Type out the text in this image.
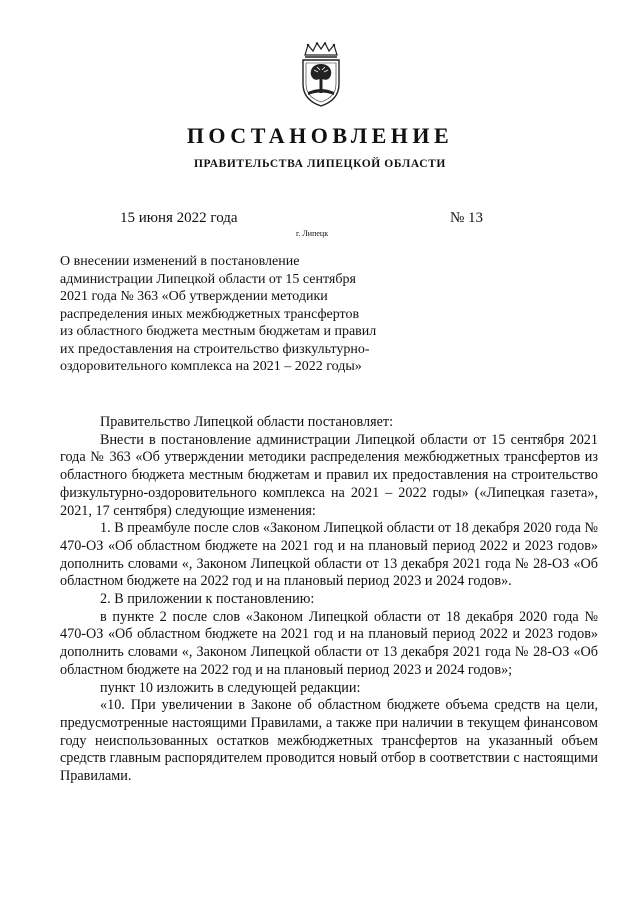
ПОСТАНОВЛЕНИЕ
ПРАВИТЕЛЬСТВА ЛИПЕЦКОЙ ОБЛАСТИ
15 июня 2022 года
г. Липецк
№ 13
О внесении изменений в постановление
администрации Липецкой области от 15 сентября
2021 года № 363 «Об утверждении методики
распределения иных межбюджетных трансфертов
из областного бюджета местным бюджетам и правил
их предоставления на строительство физкультурно-
оздоровительного комплекса на 2021 – 2022 годы»

Правительство Липецкой области постановляет:

Внести в постановление администрации Липецкой области от 15 сентября 2021 года № 363 «Об утверждении методики распределения межбюджетных трансфертов из областного бюджета местным бюджетам и правил их предоставления на строительство физкультурно-оздоровительного комплекса на 2021 – 2022 годы» («Липецкая газета», 2021, 17 сентября) следующие изменения:

1. В преамбуле после слов «Законом Липецкой области от 18 декабря 2020 года № 470-ОЗ «Об областном бюджете на 2021 год и на плановый период 2022 и 2023 годов» дополнить словами «, Законом Липецкой области от 13 декабря 2021 года № 28-ОЗ «Об областном бюджете на 2022 год и на плановый период 2023 и 2024 годов».

2. В приложении к постановлению:

в пункте 2 после слов «Законом Липецкой области от 18 декабря 2020 года № 470-ОЗ «Об областном бюджете на 2021 год и на плановый период 2022 и 2023 годов» дополнить словами «, Законом Липецкой области от 13 декабря 2021 года № 28-ОЗ «Об областном бюджете на 2022 год и на плановый период 2023 и 2024 годов»;

пункт 10 изложить в следующей редакции:

«10. При увеличении в Законе об областном бюджете объема средств на цели, предусмотренные настоящими Правилами, а также при наличии в текущем финансовом году неиспользованных остатков межбюджетных трансфертов на указанный объем средств главным распорядителем проводится новый отбор в соответствии с настоящими Правилами.
